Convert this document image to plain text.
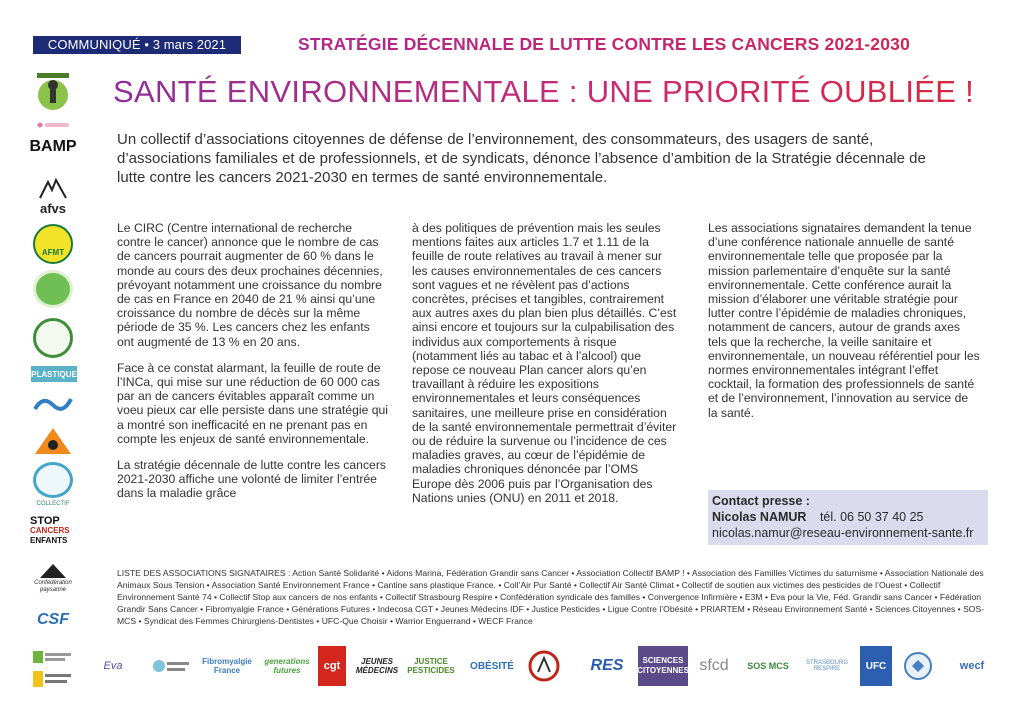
COMMUNIQUÉ • 3 mars 2021	STRATÉGIE DÉCENNALE DE LUTTE CONTRE LES CANCERS 2021-2030
SANTÉ ENVIRONNEMENTALE : UNE PRIORITÉ OUBLIÉE !
BAMP
afvs
AFMT
PLASTIQUE
COLLECTIF
STOP
CANCERS
ENFANTS
Confédération paysanne
CSF
Un collectif d’associations citoyennes de défense de l’environnement, des consommateurs, des usagers de santé, d’associations familiales et de professionnels, et de syndicats, dénonce l’absence d’ambition de la Stratégie décennale de lutte contre les cancers 2021-2030 en termes de santé environnementale.

Le CIRC (Centre international de recherche contre le cancer) annonce que le nombre de cas de cancers pourrait augmenter de 60 % dans le monde au cours des deux prochaines décennies, prévoyant notamment une croissance du nombre de cas en France en 2040 de 21 % ainsi qu’une croissance du nombre de décès sur la même période de 35 %. Les cancers chez les enfants ont augmenté de 13 % en 20 ans.

Face à ce constat alarmant, la feuille de route de l’INCa, qui mise sur une réduction de 60 000 cas par an de cancers évitables apparaît comme un voeu pieux car elle persiste dans une stratégie qui a montré son inefficacité en ne prenant pas en compte les enjeux de santé environnementale.

La stratégie décennale de lutte contre les cancers 2021-2030 affiche une volonté de limiter l’entrée dans la maladie grâce

à des politiques de prévention mais les seules mentions faites aux articles 1.7 et 1.11 de la feuille de route relatives au travail à mener sur les causes environnementales de ces cancers sont vagues et ne révèlent pas d’actions concrètes, précises et tangibles, contrairement aux autres axes du plan bien plus détaillés. C’est ainsi encore et toujours sur la culpabilisation des individus aux comportements à risque (notamment liés au tabac et à l’alcool) que repose ce nouveau Plan cancer alors qu’en travaillant à réduire les expositions environnementales et leurs conséquences sanitaires, une meilleure prise en considération de la santé environnementale permettrait d’éviter ou de réduire la survenue ou l’incidence de ces maladies graves, au cœur de l’épidémie de maladies chroniques dénoncée par l’OMS Europe dès 2006 puis par l’Organisation des Nations unies (ONU) en 2011 et 2018.

Les associations signataires demandent la tenue d’une conférence nationale annuelle de santé environnementale telle que proposée par la mission parlementaire d’enquête sur la santé environnementale. Cette conférence aurait la mission d’élaborer une véritable stratégie pour lutter contre l’épidémie de maladies chroniques, notamment de cancers, autour de grands axes tels que la recherche, la veille sanitaire et environnementale, un nouveau référentiel pour les normes environnementales intégrant l’effet cocktail, la formation des professionnels de santé et de l’environnement, l’innovation au service de la santé.

Contact presse :
Nicolas NAMUR tél. 06 50 37 40 25
nicolas.namur@reseau-environnement-sante.fr
LISTE DES ASSOCIATIONS SIGNATAIRES : Action Santé Solidarité • Aidons Marina, Fédération Grandir sans Cancer • Association Collectif BAMP ! • Association des Familles Victimes du saturnisme • Association Nationale des Animaux Sous Tension • Association Santé Environnement France • Cantine sans plastique France. • Coll’Air Pur Santé • Collectif Air Santé Climat • Collectif de soutien aux victimes des pesticides de l’Ouest • Collectif Environnement Santé 74 • Collectif Stop aux cancers de nos enfants • Collectif Strasbourg Respire • Confédération syndicale des familles • Convergence Infirmière • E3M • Eva pour la Vie, Féd. Grandir sans Cancer • Fédération Grandir Sans Cancer • Fibromyalgie France • Générations Futures • Indecosa CGT • Jeunes Médecins IDF • Justice Pesticides • Ligue Contre l’Obésité • PRIARTEM • Réseau Environnement Santé • Sciences Citoyennes • SOS-MCS • Syndicat des Femmes Chirurgiens-Dentistes • UFC-Que Choisir • Warrior Enguerrand • WECF France
Eva	Fibromyalgie France
generations futures	cgt	JEUNES MÉDECINS
JUSTICE PESTICIDES	OBÉSITÉ	RES	SCIENCES CITOYENNES sfcd	SOS MCS	STRASBOURG RESPIRE	UFC	wecf
